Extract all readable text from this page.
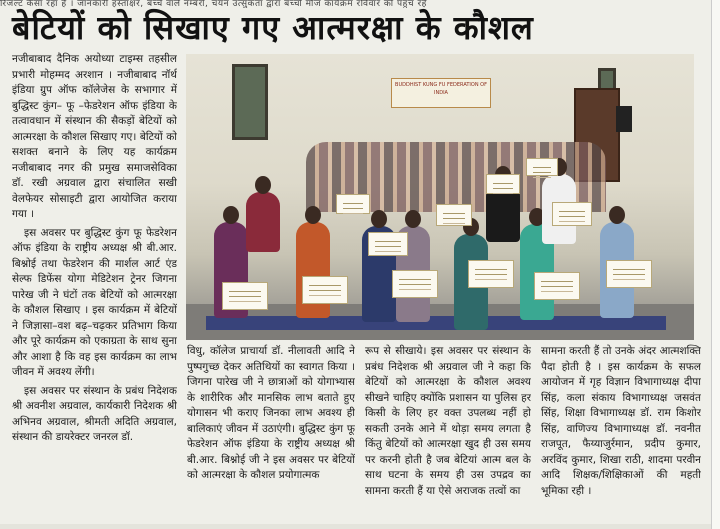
रिजल्ट कैसा रहा है । जानकारी हस्ताक्षर, बच्चे वाले नम्बरों, चयन उत्सुकता द्वारा बच्चों मौज कार्यक्रम रविवार को पहुंच रहे
बेटियों को सिखाए गए आत्मरक्षा के कौशल

नजीबाबाद दैनिक अयोध्या टाइम्स तहसील प्रभारी मोहम्मद अरशान । नजीबाबाद नॉर्थ इंडिया ग्रुप ऑफ कॉलेजेस के सभागार में बुद्धिस्ट कुंग– फू –फेडरेशन ऑफ इंडिया के तत्वावधान में संस्थान की सैकड़ों बेटियों को आत्मरक्षा के कौशल सिखाए गए। बेटियों को सशक्त बनाने के लिए यह कार्यक्रम नजीबाबाद नगर की प्रमुख समाजसेविका डॉ. रखी अग्रवाल द्वारा संचालित सखी वेलफेयर सोसाइटी द्वारा आयोजित कराया गया ।

इस अवसर पर बुद्धिस्ट कुंग फू फेडरेशन ऑफ इंडिया के राष्ट्रीय अध्यक्ष श्री बी.आर. बिश्नोई तथा फेडरेशन की मार्शल आर्ट एंड सेल्फ डिफेंस योगा मेडिटेशन ट्रेनर जिगना पारेख जी ने घंटों तक बेटियों को आत्मरक्षा के कौशल सिखाए । इस कार्यक्रम में बेटियों ने जिज्ञासा–वश बढ़–चढ़कर प्रतिभाग किया और पूरे कार्यक्रम को एकाग्रता के साथ सुना और आशा है कि वह इस कार्यक्रम का लाभ जीवन में अवश्य लेंगी।

इस अवसर पर संस्थान के प्रबंध निदेशक श्री अवनीश अग्रवाल, कार्यकारी निदेशक श्री अभिनव अग्रवाल, श्रीमती अदिति अग्रवाल, संस्थान की डायरेक्टर जनरल डॉ.

BUDDHIST KUNG FU FEDERATION OF INDIA

विधु, कॉलेज प्राचार्या डॉ. नीलावती आदि ने पुष्पगुच्छ देकर अतिथियों का स्वागत किया । जिगना पारेख जी ने छात्राओं को योगाभ्यास के शारीरिक और मानसिक लाभ बताते हुए योगासन भी कराए जिनका लाभ अवश्य ही बालिकाएं जीवन में उठाएंगी। बुद्धिस्ट कुंग फू फेडरेशन ऑफ इंडिया के राष्ट्रीय अध्यक्ष श्री बी.आर. बिश्नोई जी ने इस अवसर पर बेटियों को आत्मरक्षा के कौशल प्रयोगात्मक

रूप से सीखाये। इस अवसर पर संस्थान के प्रबंध निदेशक श्री अग्रवाल जी ने कहा कि बेटियों को आत्मरक्षा के कौशल अवश्य सीखने चाहिए क्योंकि प्रशासन या पुलिस हर किसी के लिए हर वक्त उपलब्ध नहीं हो सकती उनके आने में थोड़ा समय लगता है किंतु बेटियों को आत्मरक्षा खुद ही उस समय पर करनी होती है जब बेटियां आत्म बल के साथ घटना के समय ही उस उपद्रव का सामना करती हैं या ऐसे अराजक तत्वों का

सामना करती हैं तो उनके अंदर आत्मशक्ति पैदा होती है । इस कार्यक्रम के सफल आयोजन में गृह विज्ञान विभागाध्यक्ष दीपा सिंह, कला संकाय विभागाध्यक्ष जसवंत सिंह, शिक्षा विभागाध्यक्ष डॉ. राम किशोर सिंह, वाणिज्य विभागाध्यक्ष डॉ. नवनीत राजपूत, फैय्याजुर्रमान, प्रदीप कुमार, अरविंद कुमार, शिखा राठी, शादमा परवीन आदि शिक्षक/शिक्षिकाओं की महती भूमिका रही ।
